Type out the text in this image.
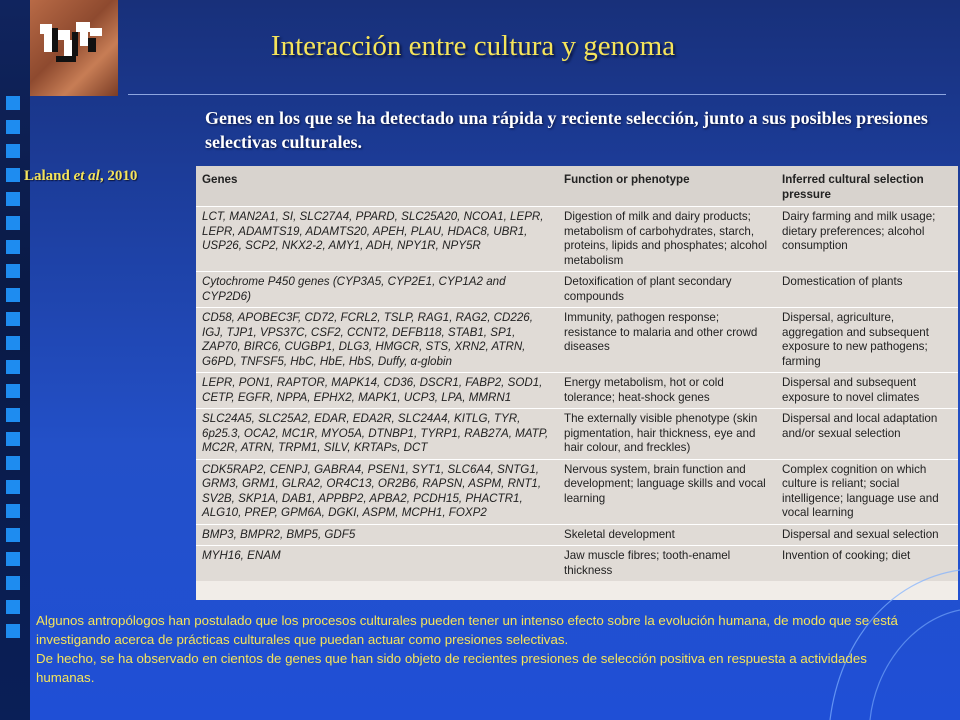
Interacción entre cultura y genoma
Genes en los que se ha detectado una rápida y reciente selección, junto a sus posibles presiones selectivas culturales.
Laland et al, 2010	Genes	Function or phenotype	Inferred cultural selection pressure
LCT, MAN2A1, SI, SLC27A4, PPARD, SLC25A20, NCOA1, LEPR, LEPR, ADAMTS19, ADAMTS20, APEH, PLAU, HDAC8, UBR1, USP26, SCP2, NKX2-2, AMY1, ADH, NPY1R, NPY5R	Digestion of milk and dairy products; metabolism of carbohydrates, starch, proteins, lipids and phosphates; alcohol metabolism	Dairy farming and milk usage; dietary preferences; alcohol consumption
Cytochrome P450 genes (CYP3A5, CYP2E1, CYP1A2 and CYP2D6)	Detoxification of plant secondary compounds	Domestication of plants
CD58, APOBEC3F, CD72, FCRL2, TSLP, RAG1, RAG2, CD226, IGJ, TJP1, VPS37C, CSF2, CCNT2, DEFB118, STAB1, SP1, ZAP70, BIRC6, CUGBP1, DLG3, HMGCR, STS, XRN2, ATRN, G6PD, TNFSF5, HbC, HbE, HbS, Duffy, α-globin	Immunity, pathogen response; resistance to malaria and other crowd diseases	Dispersal, agriculture, aggregation and subsequent exposure to new pathogens; farming
LEPR, PON1, RAPTOR, MAPK14, CD36, DSCR1, FABP2, SOD1, CETP, EGFR, NPPA, EPHX2, MAPK1, UCP3, LPA, MMRN1	Energy metabolism, hot or cold tolerance; heat-shock genes	Dispersal and subsequent exposure to novel climates
SLC24A5, SLC25A2, EDAR, EDA2R, SLC24A4, KITLG, TYR, 6p25.3, OCA2, MC1R, MYO5A, DTNBP1, TYRP1, RAB27A, MATP, MC2R, ATRN, TRPM1, SILV, KRTAPs, DCT	The externally visible phenotype (skin pigmentation, hair thickness, eye and hair colour, and freckles)	Dispersal and local adaptation and/or sexual selection
CDK5RAP2, CENPJ, GABRA4, PSEN1, SYT1, SLC6A4, SNTG1, GRM3, GRM1, GLRA2, OR4C13, OR2B6, RAPSN, ASPM, RNT1, SV2B, SKP1A, DAB1, APPBP2, APBA2, PCDH15, PHACTR1, ALG10, PREP, GPM6A, DGKI, ASPM, MCPH1, FOXP2	Nervous system, brain function and development; language skills and vocal learning	Complex cognition on which culture is reliant; social intelligence; language use and vocal learning
BMP3, BMPR2, BMP5, GDF5	Skeletal development	Dispersal and sexual selection
MYH16, ENAM	Jaw muscle fibres; tooth-enamel thickness	Invention of cooking; diet

Algunos antropólogos han postulado que los procesos culturales pueden tener un intenso efecto sobre la evolución humana, de modo que se está investigando acerca de prácticas culturales que puedan actuar como presiones selectivas.

De hecho, se ha observado en cientos de genes que han sido objeto de recientes presiones de selección positiva en respuesta a actividades humanas.
